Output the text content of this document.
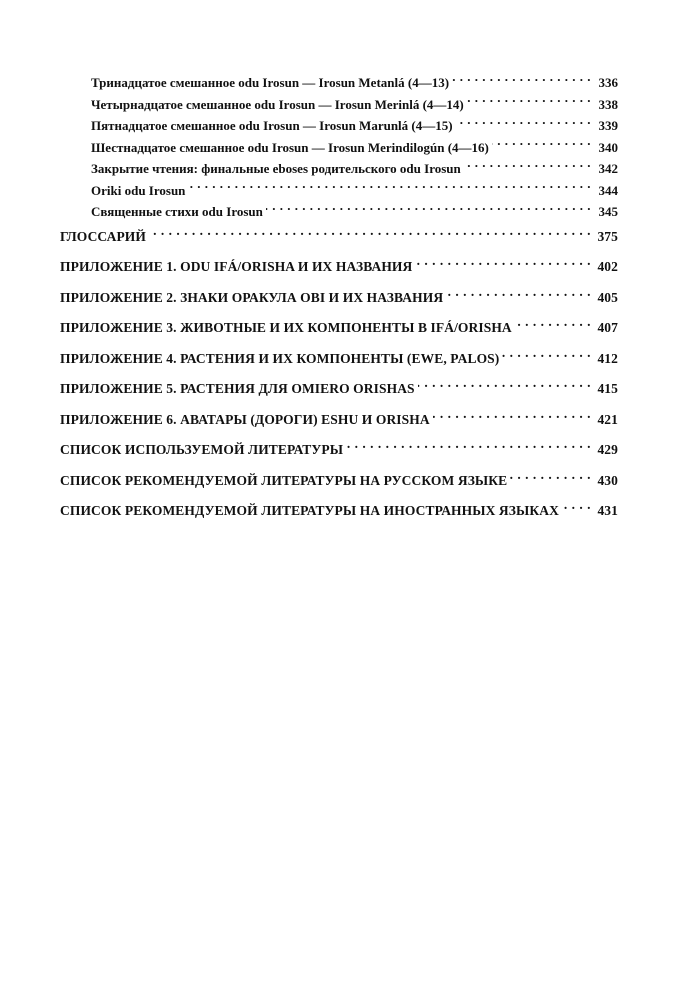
Тринадцатое смешанное odu Irosun — Irosun Metanlá (4—13) . . .	336
Четырнадцатое смешанное odu Irosun — Irosun Merinlá (4—14) . . .	338
Пятнадцатое смешанное odu Irosun — Irosun Marunlá (4—15) . . .	339
Шестнадцатое смешанное odu Irosun — Irosun Merindilogún (4—16) . . .	340
Закрытие чтения: финальные eboses родительского odu Irosun . . .	342
Oriki odu Irosun . . .	344
Священные стихи odu Irosun . . .	345
ГЛОССАРИЙ . . .	375
ПРИЛОЖЕНИЕ 1. ODU IFÁ/ORISHA И ИХ НАЗВАНИЯ . . .	402
ПРИЛОЖЕНИЕ 2. ЗНАКИ ОРАКУЛА OBI И ИХ НАЗВАНИЯ . . .	405
ПРИЛОЖЕНИЕ 3. ЖИВОТНЫЕ И ИХ КОМПОНЕНТЫ В IFÁ/ORISHA . . .	407
ПРИЛОЖЕНИЕ 4. РАСТЕНИЯ И ИХ КОМПОНЕНТЫ (EWE, PALOS) . . .	412
ПРИЛОЖЕНИЕ 5. РАСТЕНИЯ ДЛЯ OMIERO ORISHAS . . .	415
ПРИЛОЖЕНИЕ 6. АВАТАРЫ (ДОРОГИ) ESHU И ORISHA . . .	421
СПИСОК ИСПОЛЬЗУЕМОЙ ЛИТЕРАТУРЫ . . .	429
СПИСОК РЕКОМЕНДУЕМОЙ ЛИТЕРАТУРЫ НА РУССКОМ ЯЗЫКЕ . . .	430
СПИСОК РЕКОМЕНДУЕМОЙ ЛИТЕРАТУРЫ НА ИНОСТРАННЫХ ЯЗЫКАХ . . .	431
